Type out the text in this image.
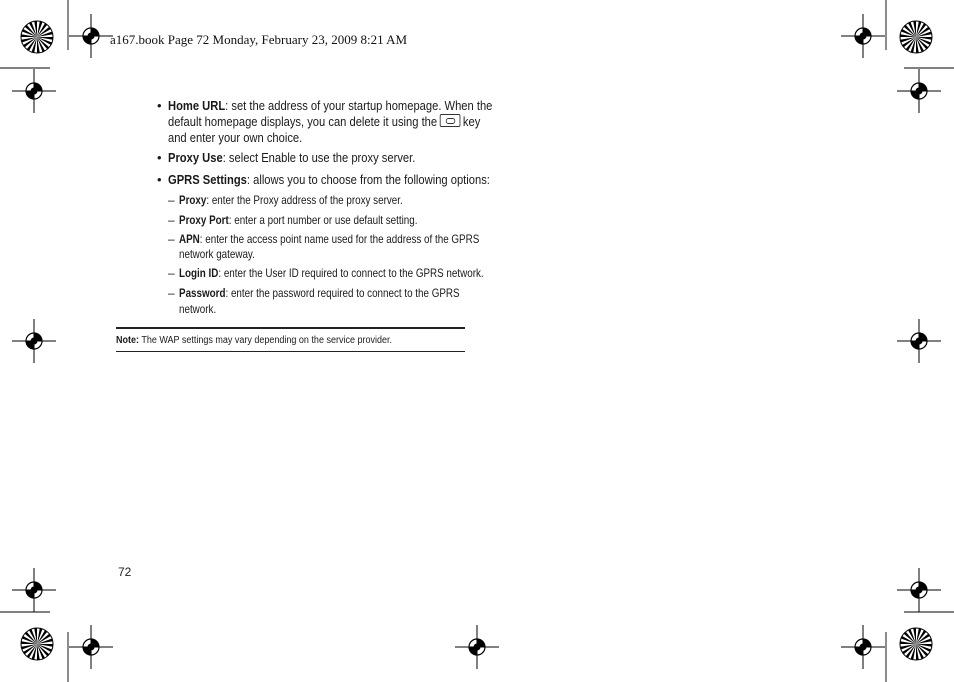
a167.book Page 72 Monday, February 23, 2009 8:21 AM
• Home URL: set the address of your startup homepage. When the
default homepage displays, you can delete it using the key
and enter your own choice.
• Proxy Use: select Enable to use the proxy server.
• GPRS Settings: allows you to choose from the following options:
– Proxy: enter the Proxy address of the proxy server.
– Proxy Port: enter a port number or use default setting.
– APN: enter the access point name used for the address of the GPRS
network gateway.
– Login ID: enter the User ID required to connect to the GPRS network.
– Password: enter the password required to connect to the GPRS
network.
Note: The WAP settings may vary depending on the service provider.
72
